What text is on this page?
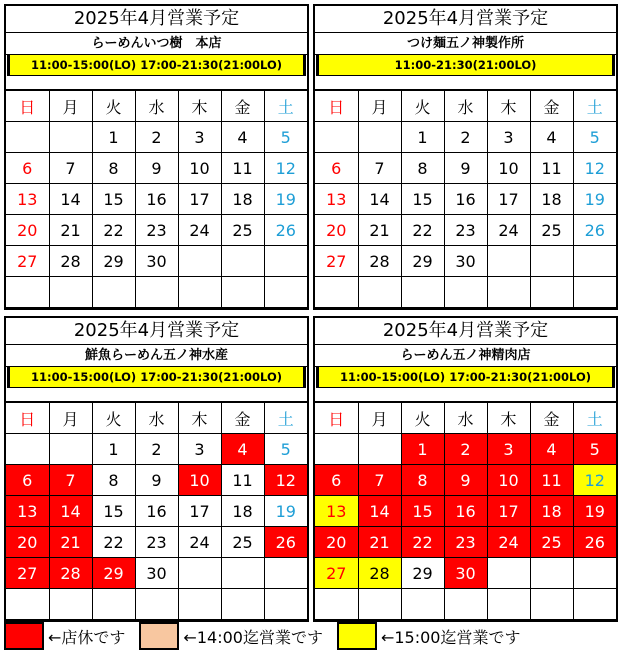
2025年4月営業予定
らーめんいつ樹　本店
11:00-15:00(LO) 17:00-21:30(21:00LO)
日	月	火	水	木	金	土
		1	2	3	4	5
6	7	8	9	10	11	12
13	14	15	16	17	18	19
20	21	22	23	24	25	26
27	28	29	30			

2025年4月営業予定
つけ麺五ノ神製作所
11:00-21:30(21:00LO)
日	月	火	水	木	金	土
		1	2	3	4	5
6	7	8	9	10	11	12
13	14	15	16	17	18	19
20	21	22	23	24	25	26
27	28	29	30			

2025年4月営業予定
鮮魚らーめん五ノ神水産
11:00-15:00(LO) 17:00-21:30(21:00LO)
日	月	火	水	木	金	土
		1	2	3	4	5
6	7	8	9	10	11	12
13	14	15	16	17	18	19
20	21	22	23	24	25	26
27	28	29	30			

2025年4月営業予定
らーめん五ノ神精肉店
11:00-15:00(LO) 17:00-21:30(21:00LO)
日	月	火	水	木	金	土
		1	2	3	4	5
6	7	8	9	10	11	12
13	14	15	16	17	18	19
20	21	22	23	24	25	26
27	28	29	30			

←店休です	←14:00迄営業です	←15:00迄営業です
